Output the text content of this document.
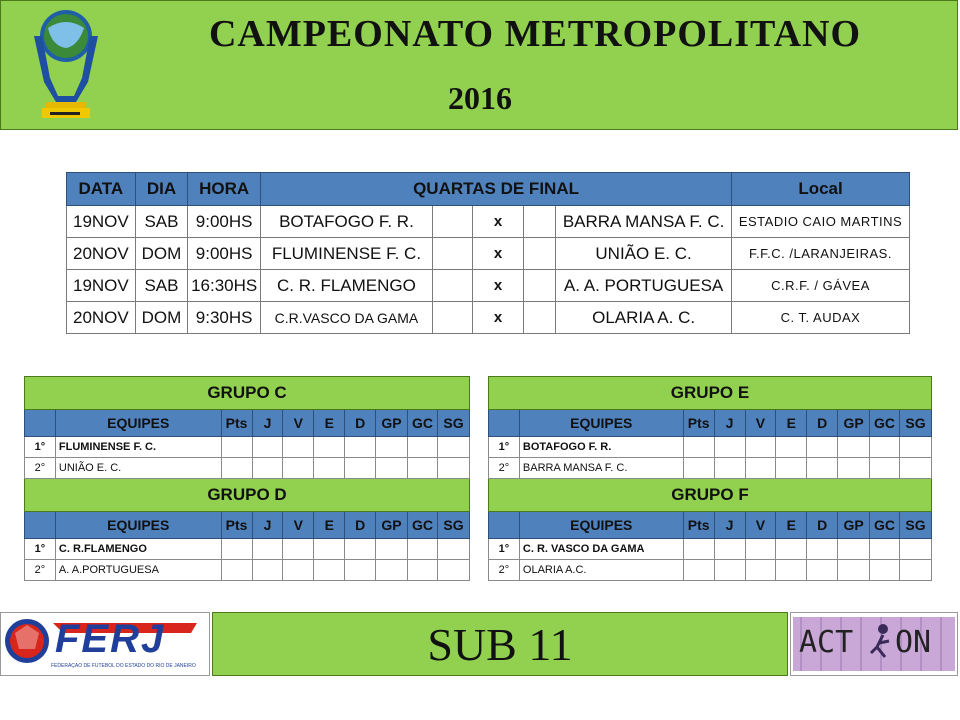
CAMPEONATO METROPOLITANO
2016
DATA	DIA	HORA	QUARTAS DE FINAL					Local
19NOV	SAB	9:00HS	BOTAFOGO F. R.		x		BARRA MANSA F. C.	ESTADIO CAIO MARTINS
20NOV	DOM	9:00HS	FLUMINENSE F. C.		x		UNIÃO E. C.	F.F.C. /LARANJEIRAS.
19NOV	SAB	16:30HS	C. R. FLAMENGO		x		A. A. PORTUGUESA	C.R.F. / GÁVEA
20NOV	DOM	9:30HS	C.R.VASCO DA GAMA		x		OLARIA A. C.	C. T. AUDAX
GRUPO C									
	EQUIPES	Pts	J	V	E	D	GP	GC	SG
1°	FLUMINENSE F. C.								
2°	UNIÃO E. C.								
GRUPO D									
	EQUIPES	Pts	J	V	E	D	GP	GC	SG
1°	C. R.FLAMENGO								
2°	A. A.PORTUGUESA								
GRUPO E									
	EQUIPES	Pts	J	V	E	D	GP	GC	SG
1°	BOTAFOGO F. R.								
2°	BARRA MANSA F. C.								
GRUPO F									
	EQUIPES	Pts	J	V	E	D	GP	GC	SG
1°	C. R. VASCO DA GAMA								
2°	OLARIA A.C.								
FERJ
FEDERAÇÃO DE FUTEBOL DO ESTADO DO RIO DE JANEIRO	SUB 11	ACT ON
